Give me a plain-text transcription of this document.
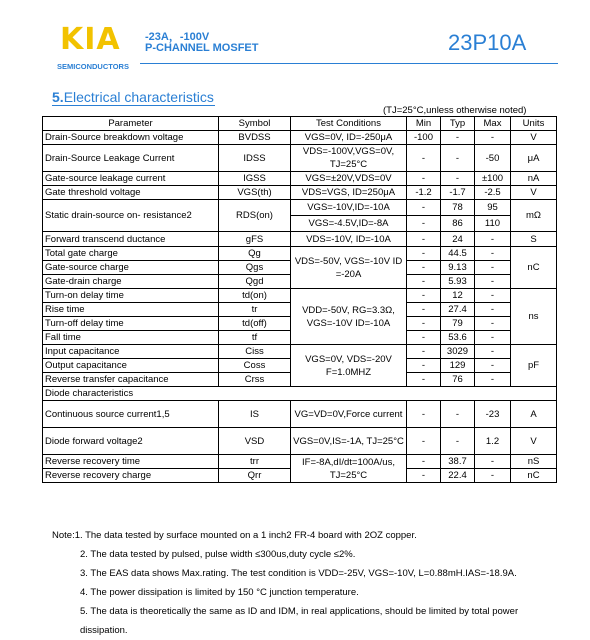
KIA
SEMICONDUCTORS
-23A，-100V
P-CHANNEL MOSFET	23P10A
5.Electrical characteristics
(TJ=25°C,unless otherwise noted)
Parameter	Symbol	Test Conditions	Min	Typ	Max	Units
Drain-Source breakdown voltage	BVDSS	VGS=0V, ID=-250μA	-100	-	-	V
Drain-Source Leakage Current	IDSS	VDS=-100V,VGS=0V, TJ=25°C	-	-	-50	μA
Gate-source leakage current	IGSS	VGS=±20V,VDS=0V	-	-	±100	nA
Gate threshold voltage	VGS(th)	VDS=VGS, ID=250μA	-1.2	-1.7	-2.5	V
Static drain-source on- resistance2	RDS(on)	VGS=-10V,ID=-10A	-	78	95	mΩ
		VGS=-4.5V,ID=-8A	-	86	110	
Forward transcend ductance	gFS	VDS=-10V, ID=-10A	-	24	-	S
Total gate charge	Qg	VDS=-50V, VGS=-10V ID =-20A	-	44.5	-	nC
Gate-source charge	Qgs		-	9.13	-	
Gate-drain charge	Qgd		-	5.93	-	
Turn-on delay time	td(on)	VDD=-50V, RG=3.3Ω, VGS=-10V ID=-10A	-	12	-	ns
Rise time	tr		-	27.4	-	
Turn-off delay time	td(off)		-	79	-	
Fall time	tf		-	53.6	-	
Input capacitance	Ciss	VGS=0V, VDS=-20V F=1.0MHZ	-	3029	-	pF
Output capacitance	Coss		-	129	-	
Reverse transfer capacitance	Crss		-	76	-	
Diode characteristics						
Continuous source current1,5	IS	VG=VD=0V,Force current	-	-	-23	A
Diode forward voltage2	VSD	VGS=0V,IS=-1A, TJ=25°C	-	-	1.2	V
Reverse recovery time	trr	IF=-8A,dI/dt=100A/us, TJ=25°C	-	38.7	-	nS
Reverse recovery charge	Qrr		-	22.4	-	nC
Note:1. The data tested by surface mounted on a 1 inch2 FR-4 board with 2OZ copper.
2. The data tested by pulsed, pulse width ≤300us,duty cycle ≤2%.
3. The EAS data shows Max.rating. The test condition is VDD=-25V, VGS=-10V, L=0.88mH.IAS=-18.9A.
4. The power dissipation is limited by 150 °C junction temperature.
5. The data is theoretically the same as ID and IDM, in real applications, should be limited by total power dissipation.
